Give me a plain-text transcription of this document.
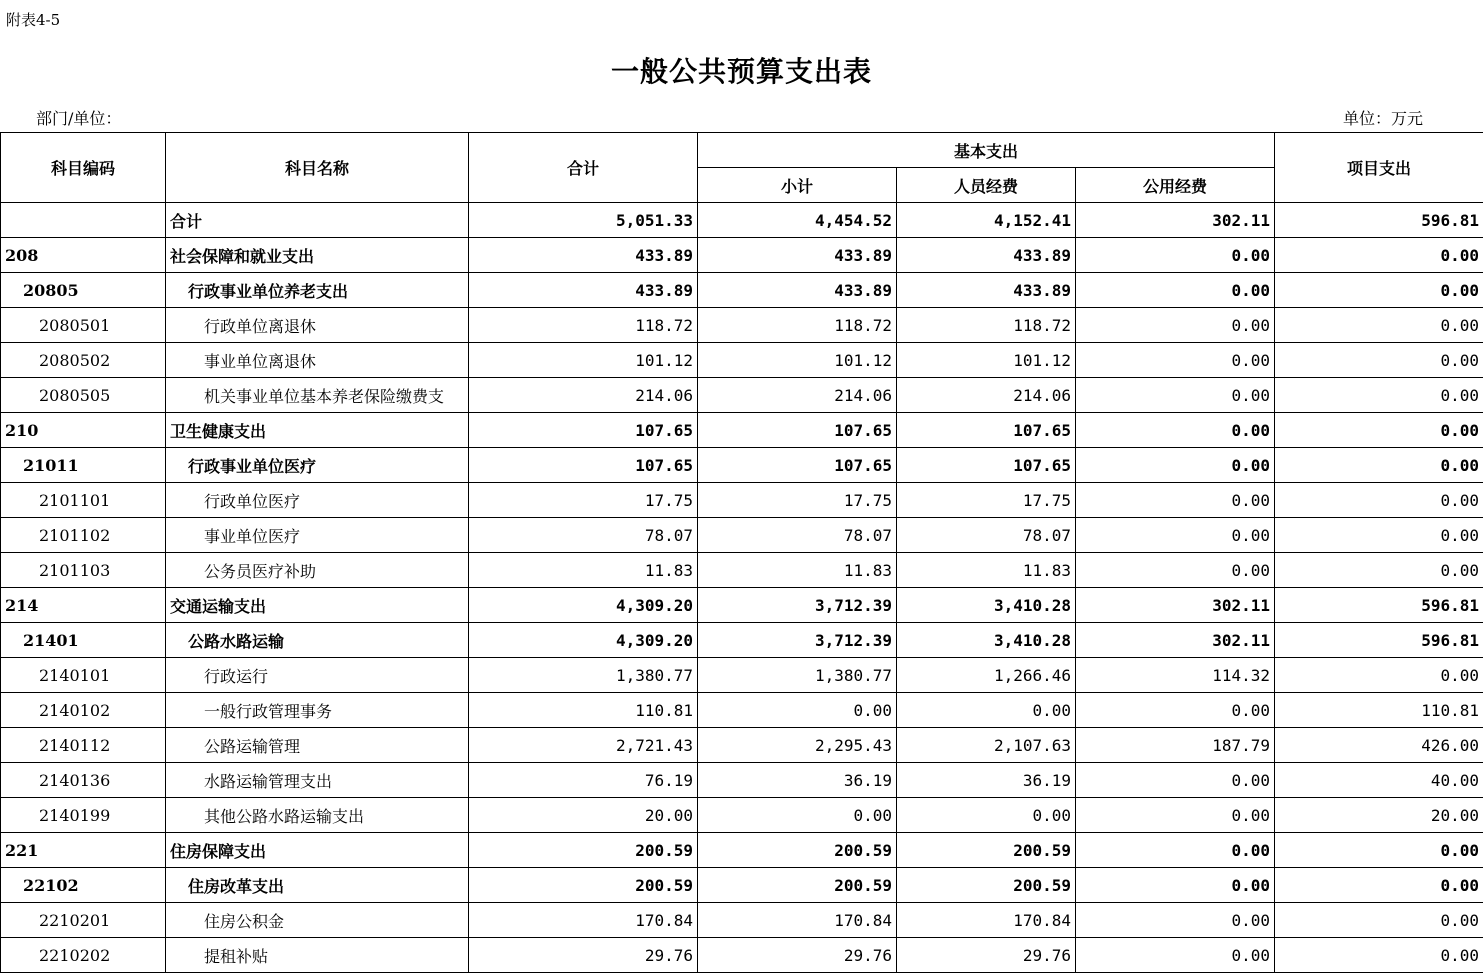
附表4-5
一般公共预算支出表
部门/单位：	单位：万元
科目编码	科目名称	合计	基本支出			项目支出
			小计	人员经费	公用经费	
	合计	5,051.33	4,454.52	4,152.41	302.11	596.81
208	社会保障和就业支出	433.89	433.89	433.89	0.00	0.00
20805	行政事业单位养老支出	433.89	433.89	433.89	0.00	0.00
2080501	行政单位离退休	118.72	118.72	118.72	0.00	0.00
2080502	事业单位离退休	101.12	101.12	101.12	0.00	0.00
2080505	机关事业单位基本养老保险缴费支	214.06	214.06	214.06	0.00	0.00
210	卫生健康支出	107.65	107.65	107.65	0.00	0.00
21011	行政事业单位医疗	107.65	107.65	107.65	0.00	0.00
2101101	行政单位医疗	17.75	17.75	17.75	0.00	0.00
2101102	事业单位医疗	78.07	78.07	78.07	0.00	0.00
2101103	公务员医疗补助	11.83	11.83	11.83	0.00	0.00
214	交通运输支出	4,309.20	3,712.39	3,410.28	302.11	596.81
21401	公路水路运输	4,309.20	3,712.39	3,410.28	302.11	596.81
2140101	行政运行	1,380.77	1,380.77	1,266.46	114.32	0.00
2140102	一般行政管理事务	110.81	0.00	0.00	0.00	110.81
2140112	公路运输管理	2,721.43	2,295.43	2,107.63	187.79	426.00
2140136	水路运输管理支出	76.19	36.19	36.19	0.00	40.00
2140199	其他公路水路运输支出	20.00	0.00	0.00	0.00	20.00
221	住房保障支出	200.59	200.59	200.59	0.00	0.00
22102	住房改革支出	200.59	200.59	200.59	0.00	0.00
2210201	住房公积金	170.84	170.84	170.84	0.00	0.00
2210202	提租补贴	29.76	29.76	29.76	0.00	0.00
